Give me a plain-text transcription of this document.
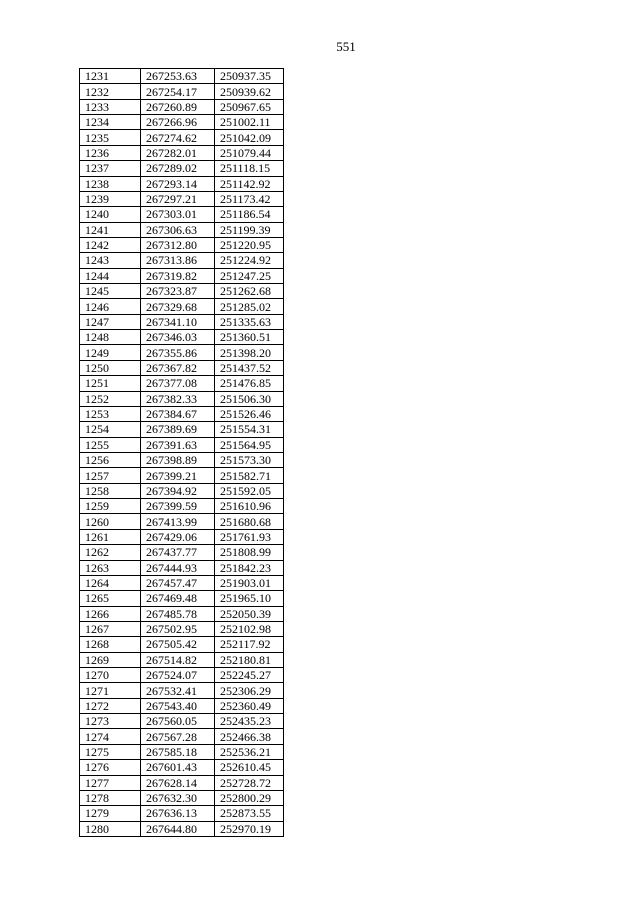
551
1231	267253.63	250937.35
1232	267254.17	250939.62
1233	267260.89	250967.65
1234	267266.96	251002.11
1235	267274.62	251042.09
1236	267282.01	251079.44
1237	267289.02	251118.15
1238	267293.14	251142.92
1239	267297.21	251173.42
1240	267303.01	251186.54
1241	267306.63	251199.39
1242	267312.80	251220.95
1243	267313.86	251224.92
1244	267319.82	251247.25
1245	267323.87	251262.68
1246	267329.68	251285.02
1247	267341.10	251335.63
1248	267346.03	251360.51
1249	267355.86	251398.20
1250	267367.82	251437.52
1251	267377.08	251476.85
1252	267382.33	251506.30
1253	267384.67	251526.46
1254	267389.69	251554.31
1255	267391.63	251564.95
1256	267398.89	251573.30
1257	267399.21	251582.71
1258	267394.92	251592.05
1259	267399.59	251610.96
1260	267413.99	251680.68
1261	267429.06	251761.93
1262	267437.77	251808.99
1263	267444.93	251842.23
1264	267457.47	251903.01
1265	267469.48	251965.10
1266	267485.78	252050.39
1267	267502.95	252102.98
1268	267505.42	252117.92
1269	267514.82	252180.81
1270	267524.07	252245.27
1271	267532.41	252306.29
1272	267543.40	252360.49
1273	267560.05	252435.23
1274	267567.28	252466.38
1275	267585.18	252536.21
1276	267601.43	252610.45
1277	267628.14	252728.72
1278	267632.30	252800.29
1279	267636.13	252873.55
1280	267644.80	252970.19
